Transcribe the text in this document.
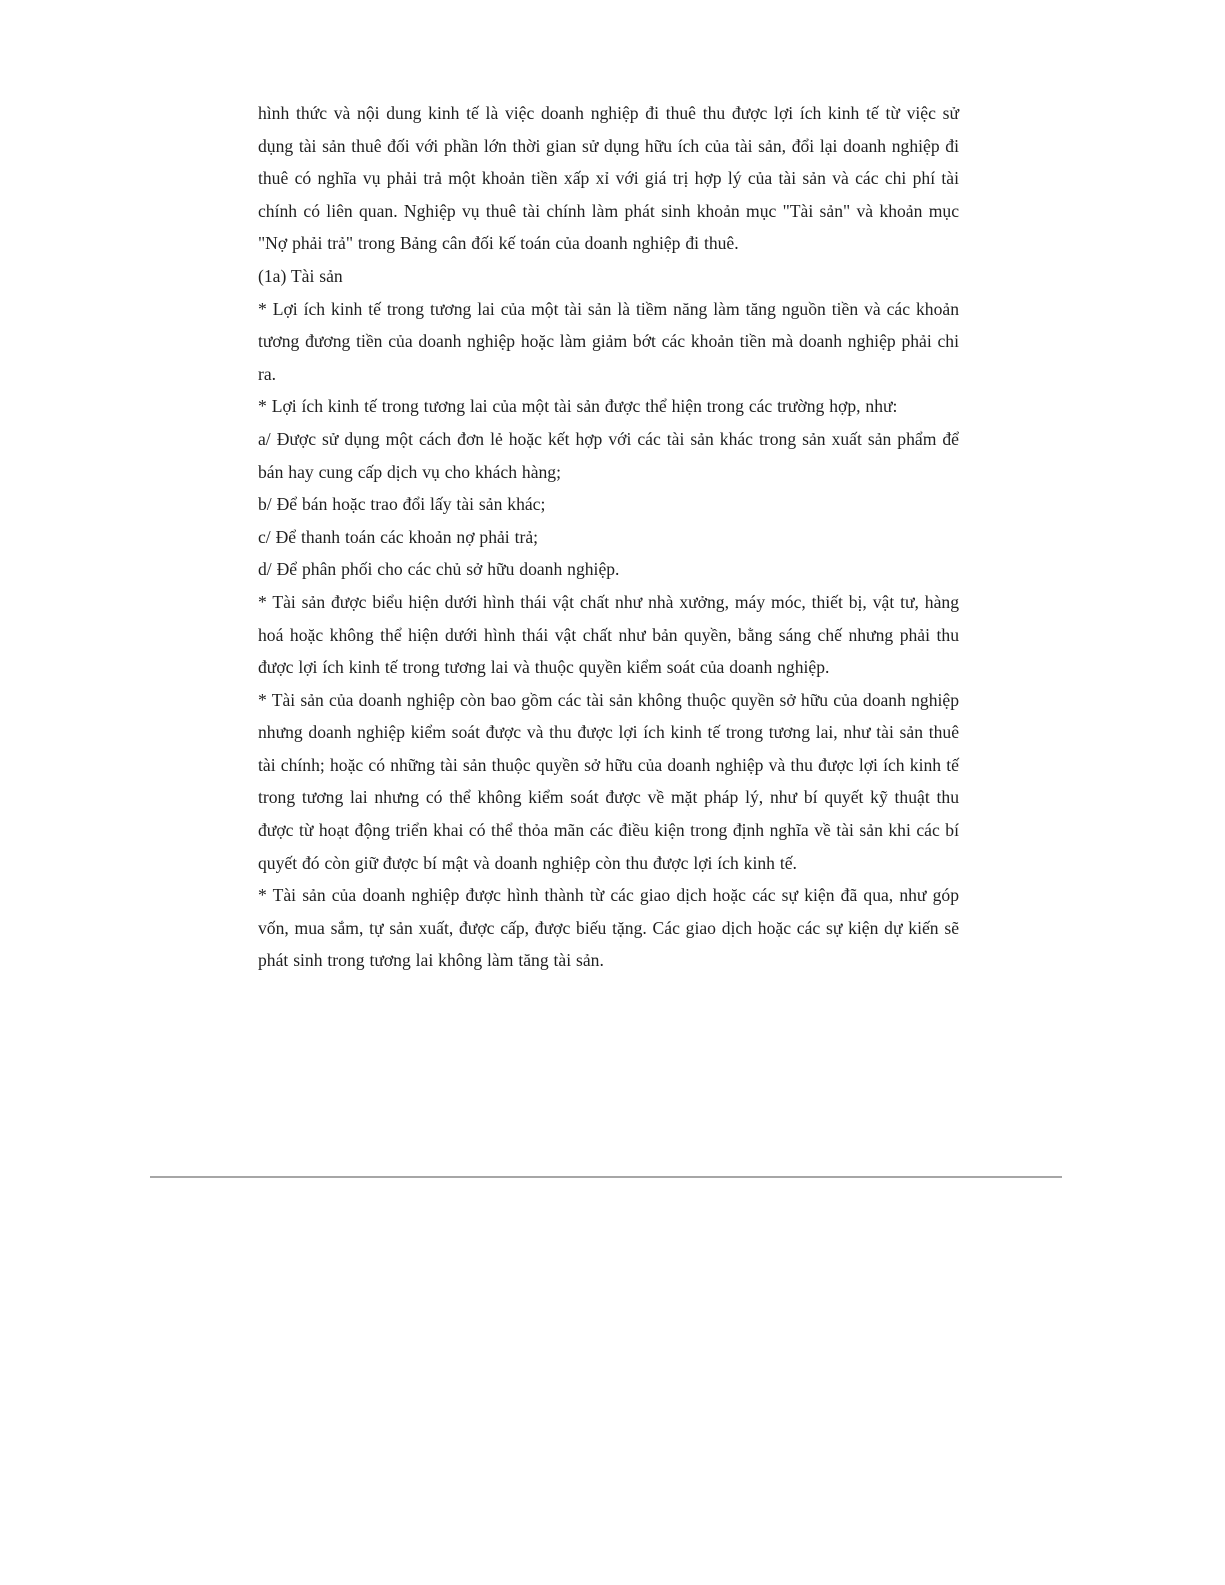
hình thức và nội dung kinh tế là việc doanh nghiệp đi thuê thu được lợi ích kinh tế từ việc sử dụng tài sản thuê đối với phần lớn thời gian sử dụng hữu ích của tài sản, đổi lại doanh nghiệp đi thuê có nghĩa vụ phải trả một khoản tiền xấp xỉ với giá trị hợp lý của tài sản và các chi phí tài chính có liên quan. Nghiệp vụ thuê tài chính làm phát sinh khoản mục "Tài sản" và khoản mục "Nợ phải trả" trong Bảng cân đối kế toán của doanh nghiệp đi thuê.

(1a) Tài sản

* Lợi ích kinh tế trong tương lai của một tài sản là tiềm năng làm tăng nguồn tiền và các khoản tương đương tiền của doanh nghiệp hoặc làm giảm bớt các khoản tiền mà doanh nghiệp phải chi ra.

* Lợi ích kinh tế trong tương lai của một tài sản được thể hiện trong các trường hợp, như:

a/ Được sử dụng một cách đơn lẻ hoặc kết hợp với các tài sản khác trong sản xuất sản phẩm để bán hay cung cấp dịch vụ cho khách hàng;

b/ Để bán hoặc trao đổi lấy tài sản khác;

c/ Để thanh toán các khoản nợ phải trả;

d/ Để phân phối cho các chủ sở hữu doanh nghiệp.

* Tài sản được biểu hiện dưới hình thái vật chất như nhà xưởng, máy móc, thiết bị, vật tư, hàng hoá hoặc không thể hiện dưới hình thái vật chất như bản quyền, bằng sáng chế nhưng phải thu được lợi ích kinh tế trong tương lai và thuộc quyền kiểm soát của doanh nghiệp.

* Tài sản của doanh nghiệp còn bao gồm các tài sản không thuộc quyền sở hữu của doanh nghiệp nhưng doanh nghiệp kiểm soát được và thu được lợi ích kinh tế trong tương lai, như tài sản thuê tài chính; hoặc có những tài sản thuộc quyền sở hữu của doanh nghiệp và thu được lợi ích kinh tế trong tương lai nhưng có thể không kiểm soát được về mặt pháp lý, như bí quyết kỹ thuật thu được từ hoạt động triển khai có thể thỏa mãn các điều kiện trong định nghĩa về tài sản khi các bí quyết đó còn giữ được bí mật và doanh nghiệp còn thu được lợi ích kinh tế.

* Tài sản của doanh nghiệp được hình thành từ các giao dịch hoặc các sự kiện đã qua, như góp vốn, mua sắm, tự sản xuất, được cấp, được biếu tặng. Các giao dịch hoặc các sự kiện dự kiến sẽ phát sinh trong tương lai không làm tăng tài sản.
